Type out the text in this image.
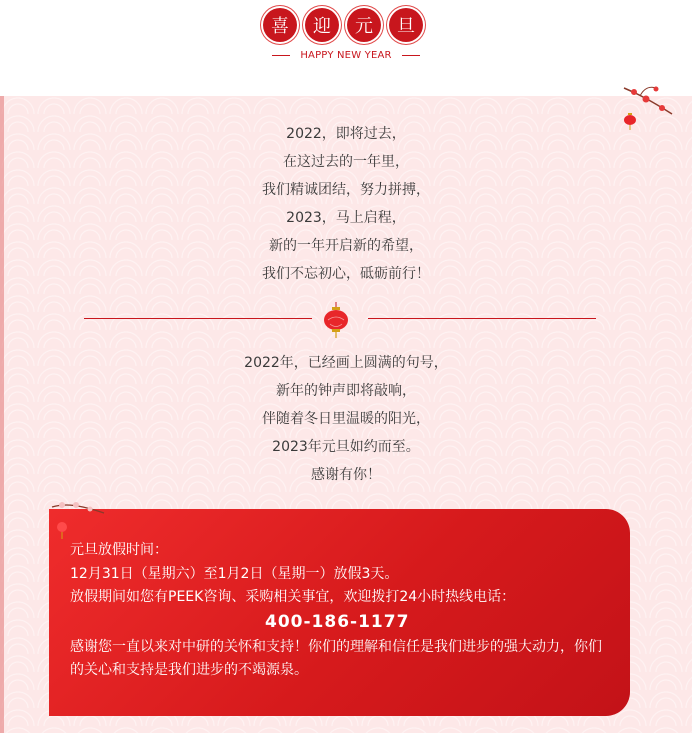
喜	迎	元	旦
HAPPY NEW YEAR
2022，即将过去，
在这过去的一年里，
我们精诚团结，努力拼搏，
2023，马上启程，
新的一年开启新的希望，
我们不忘初心，砥砺前行！
2022年，已经画上圆满的句号，
新年的钟声即将敲响，
伴随着冬日里温暖的阳光，
2023年元旦如约而至。
感谢有你！
元旦放假时间：
12月31日（星期六）至1月2日（星期一）放假3天。
放假期间如您有PEEK咨询、采购相关事宜，欢迎拨打24小时热线电话：
400-186-1177
感谢您一直以来对中研的关怀和支持！你们的理解和信任是我们进步的强大动力，你们的关心和支持是我们进步的不竭源泉。
